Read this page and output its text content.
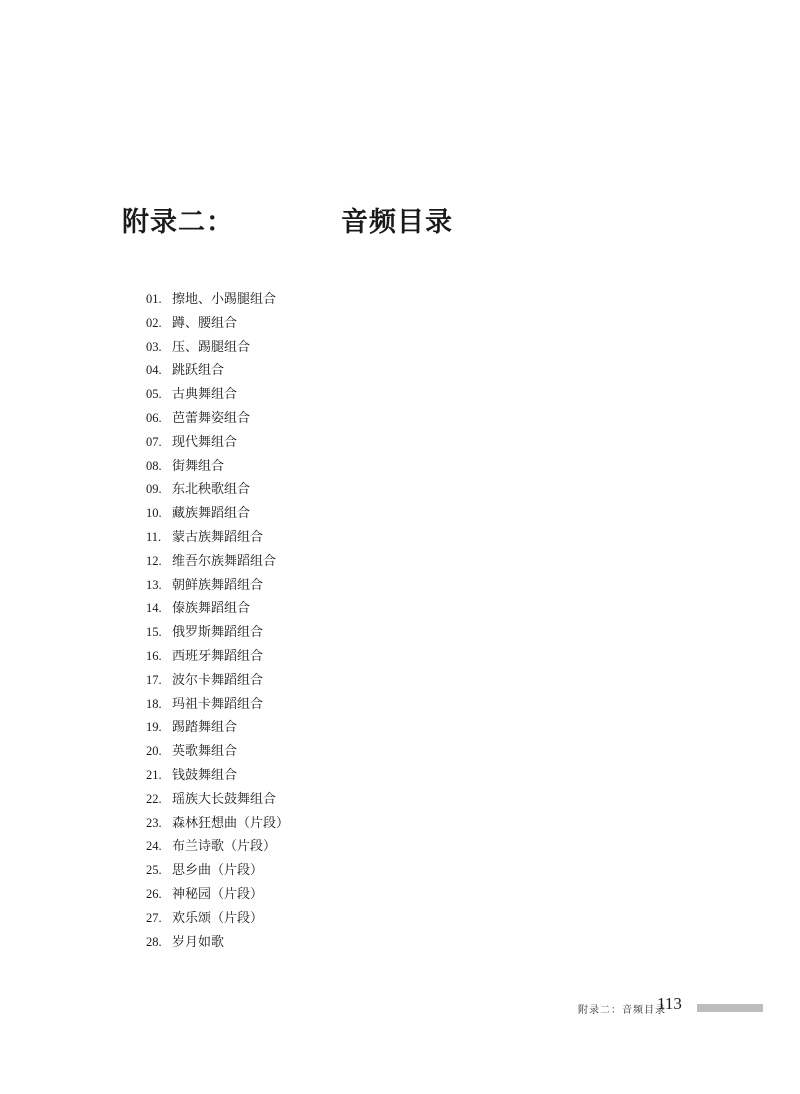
附录二：	音频目录
01. 擦地、小踢腿组合
02. 蹲、腰组合
03. 压、踢腿组合
04. 跳跃组合
05. 古典舞组合
06. 芭蕾舞姿组合
07. 现代舞组合
08. 街舞组合
09. 东北秧歌组合
10. 藏族舞蹈组合
11. 蒙古族舞蹈组合
12. 维吾尔族舞蹈组合
13. 朝鲜族舞蹈组合
14. 傣族舞蹈组合
15. 俄罗斯舞蹈组合
16. 西班牙舞蹈组合
17. 波尔卡舞蹈组合
18. 玛祖卡舞蹈组合
19. 踢踏舞组合
20. 英歌舞组合
21. 钱鼓舞组合
22. 瑶族大长鼓舞组合
23. 森林狂想曲（片段）
24. 布兰诗歌（片段）
25. 思乡曲（片段）
26. 神秘园（片段）
27. 欢乐颂（片段）
28. 岁月如歌
附录二：音频目录
113
